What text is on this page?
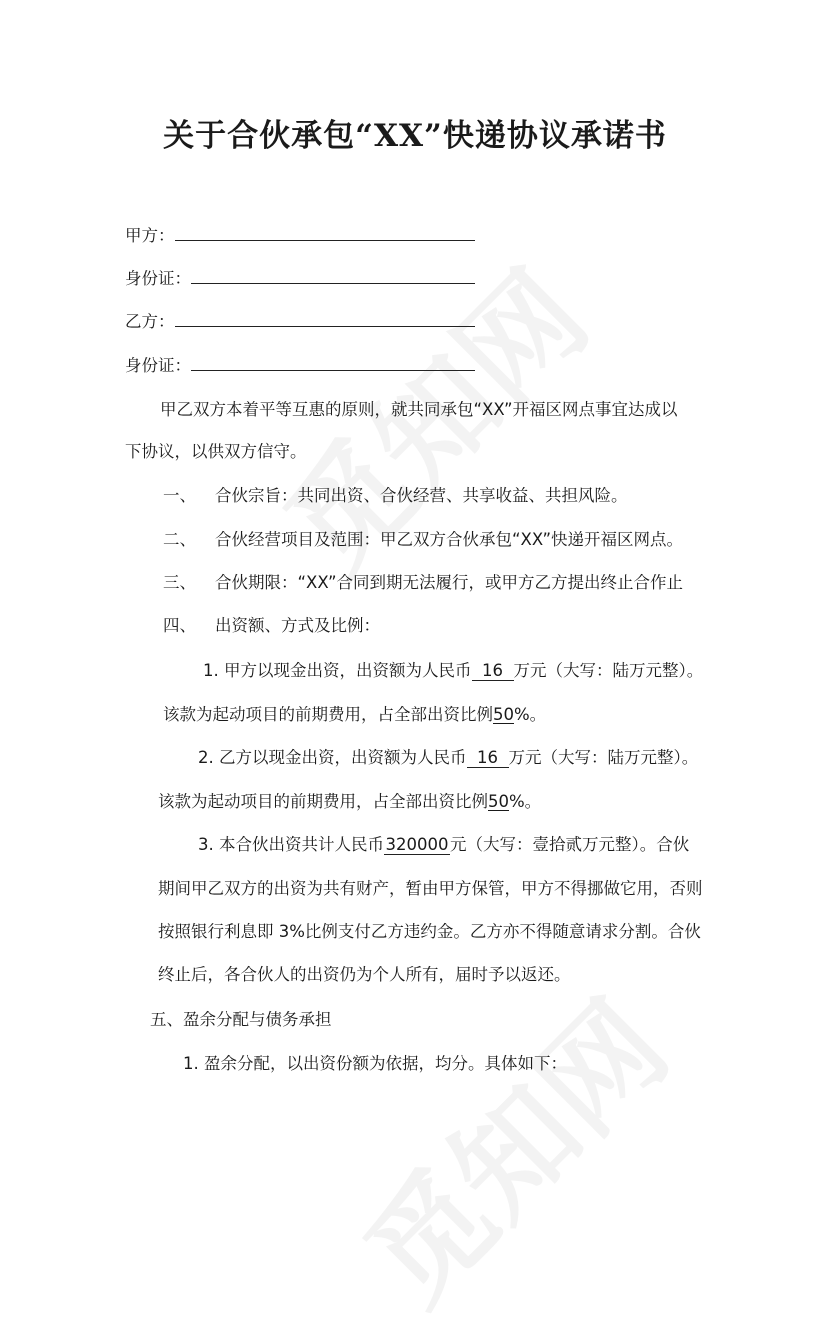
关于合伙承包“XX”快递协议承诺书
甲方：
身份证：
乙方：
身份证：
甲乙双方本着平等互惠的原则，就共同承包“XX”开福区网点事宜达成以
下协议，以供双方信守。
一、 合伙宗旨：共同出资、合伙经营、共享收益、共担风险。
二、 合伙经营项目及范围：甲乙双方合伙承包“XX”快递开福区网点。
三、 合伙期限：“XX”合同到期无法履行，或甲方乙方提出终止合作止
四、 出资额、方式及比例：
1. 甲方以现金出资，出资额为人民币 16 万元（大写：陆万元整）。
该款为起动项目的前期费用，占全部出资比例50%。
2. 乙方以现金出资，出资额为人民币 16 万元（大写：陆万元整）。
该款为起动项目的前期费用，占全部出资比例50%。
3. 本合伙出资共计人民币320000元（大写：壹拾贰万元整）。合伙
期间甲乙双方的出资为共有财产，暂由甲方保管，甲方不得挪做它用，否则
按照银行利息即 3%比例支付乙方违约金。乙方亦不得随意请求分割。合伙
终止后，各合伙人的出资仍为个人所有，届时予以返还。
五、盈余分配与债务承担
1. 盈余分配，以出资份额为依据，均分。具体如下：
